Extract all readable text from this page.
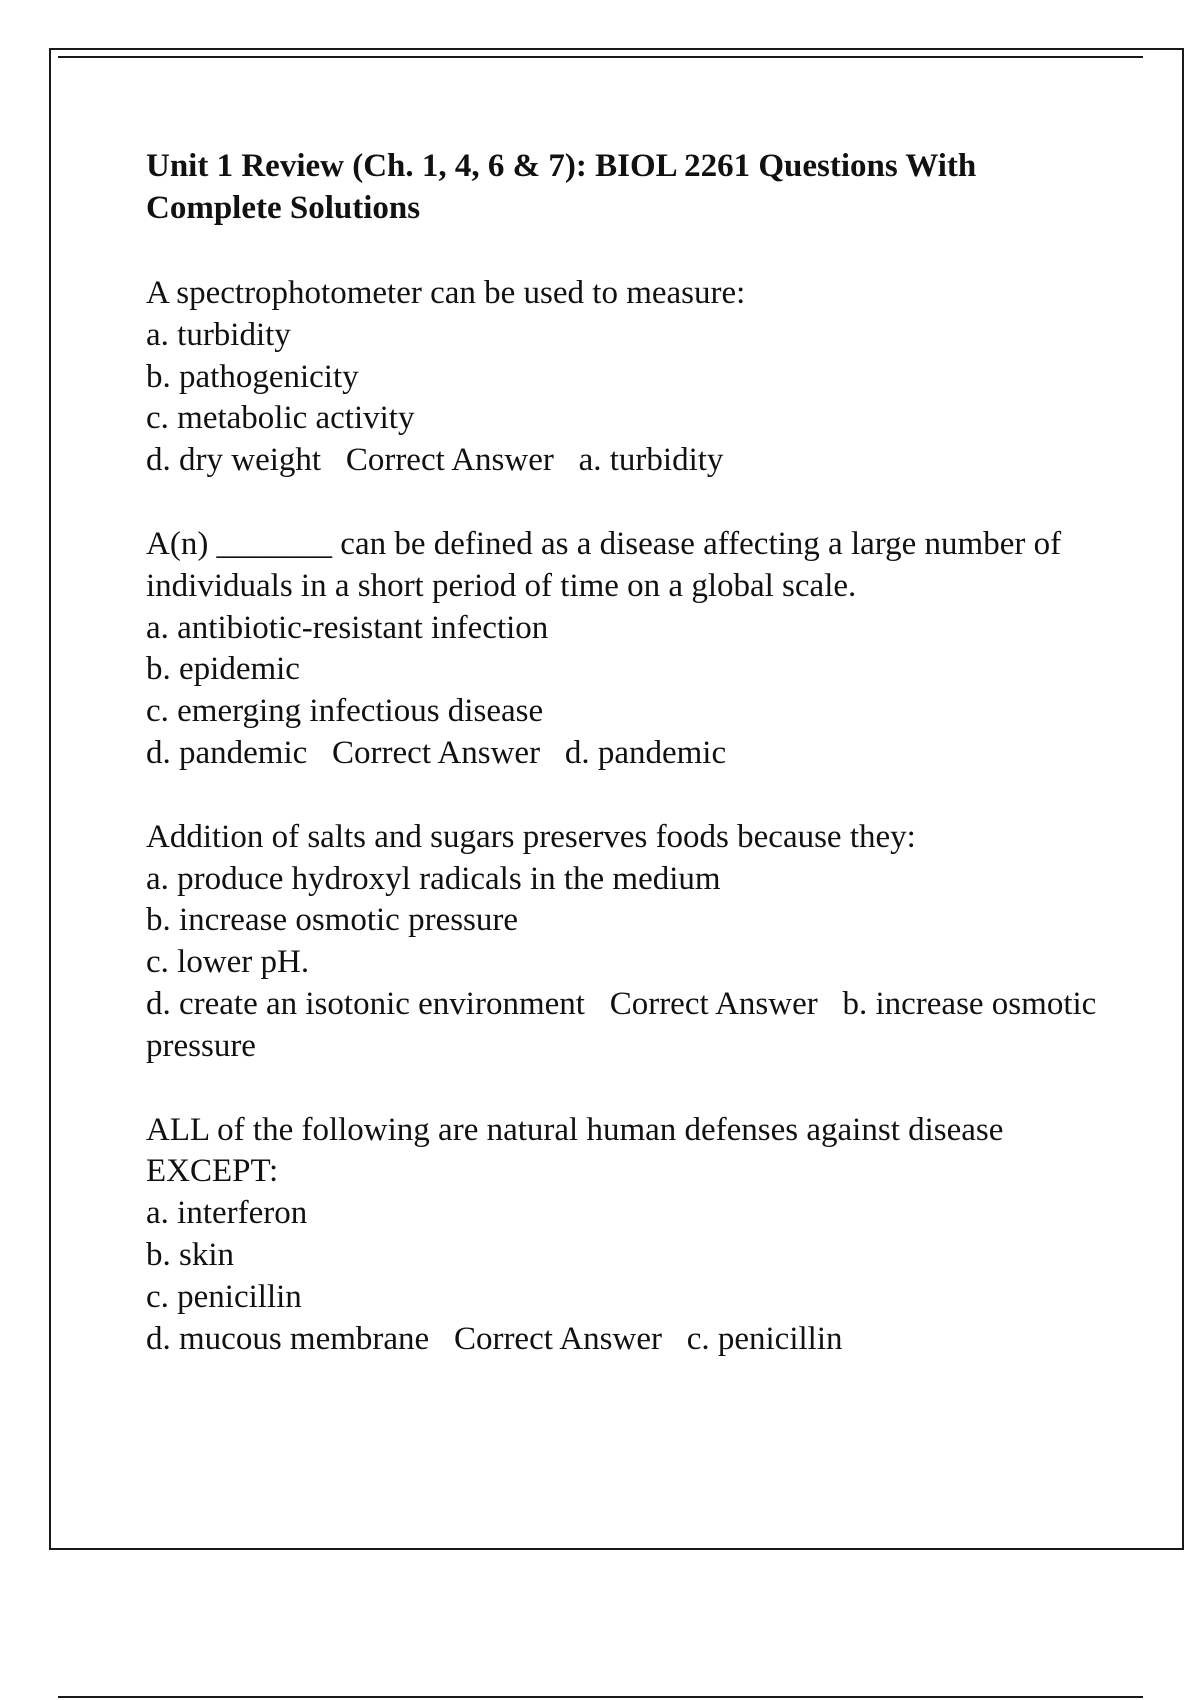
Unit 1 Review (Ch. 1, 4, 6 & 7): BIOL 2261 Questions With Complete Solutions

A spectrophotometer can be used to measure:

a. turbidity

b. pathogenicity

c. metabolic activity

d. dry weight Correct Answer a. turbidity

A(n) _______ can be defined as a disease affecting a large number of individuals in a short period of time on a global scale.

a. antibiotic-resistant infection

b. epidemic

c. emerging infectious disease

d. pandemic Correct Answer d. pandemic

Addition of salts and sugars preserves foods because they:

a. produce hydroxyl radicals in the medium

b. increase osmotic pressure

c. lower pH.

d. create an isotonic environment Correct Answer b. increase osmotic pressure

ALL of the following are natural human defenses against disease EXCEPT:

a. interferon

b. skin

c. penicillin

d. mucous membrane Correct Answer c. penicillin
